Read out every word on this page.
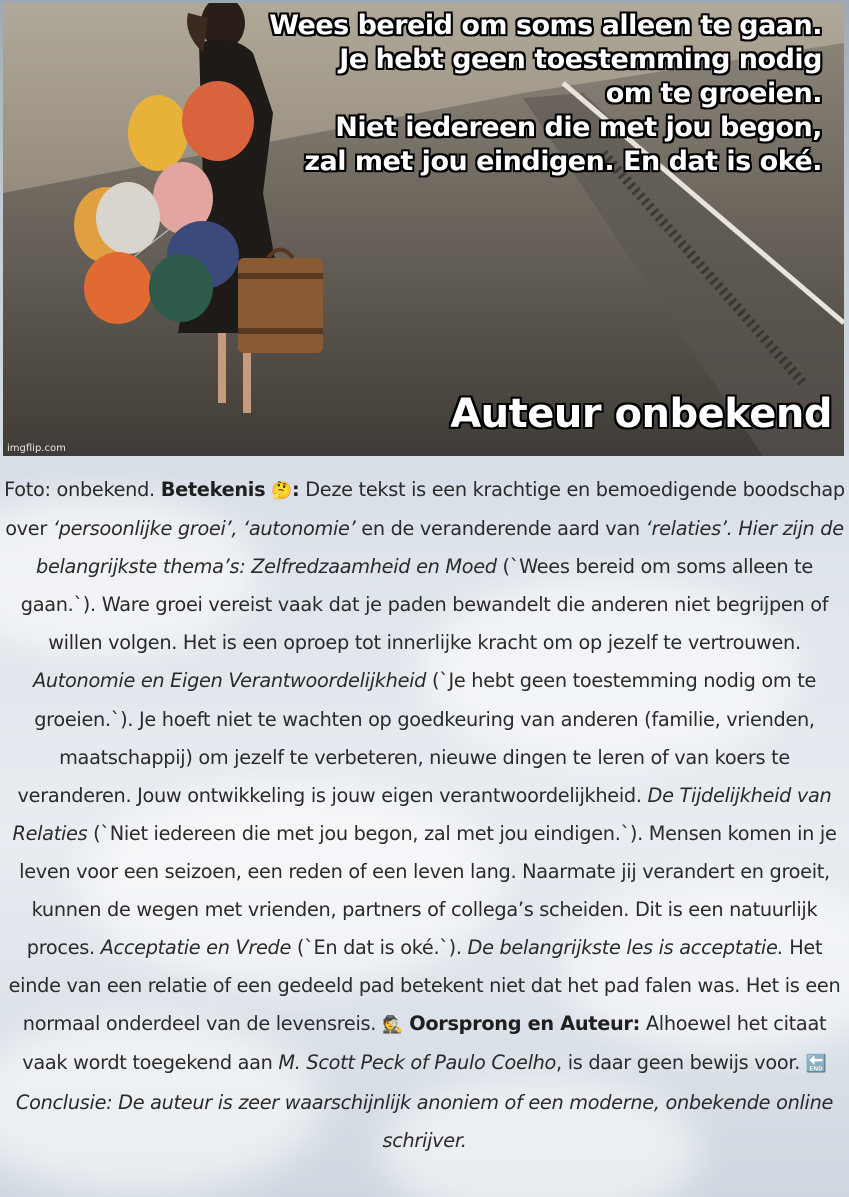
Wees bereid om soms alleen te gaan.
Je hebt geen toestemming nodig
om te groeien.
Niet iedereen die met jou begon,
zal met jou eindigen. En dat is oké.
Auteur onbekend
imgflip.com
Foto: onbekend. Betekenis 🤔: Deze tekst is een krachtige en bemoedigende boodschap over ‘persoonlijke groei’, ‘autonomie’ en de veranderende aard van ‘relaties’. Hier zijn de belangrijkste thema’s: Zelfredzaamheid en Moed (`Wees bereid om soms alleen te gaan.`). Ware groei vereist vaak dat je paden bewandelt die anderen niet begrijpen of willen volgen. Het is een oproep tot innerlijke kracht om op jezelf te vertrouwen. Autonomie en Eigen Verantwoordelijkheid (`Je hebt geen toestemming nodig om te groeien.`). Je hoeft niet te wachten op goedkeuring van anderen (familie, vrienden, maatschappij) om jezelf te verbeteren, nieuwe dingen te leren of van koers te veranderen. Jouw ontwikkeling is jouw eigen verantwoordelijkheid. De Tijdelijkheid van Relaties (`Niet iedereen die met jou begon, zal met jou eindigen.`). Mensen komen in je leven voor een seizoen, een reden of een leven lang. Naarmate jij verandert en groeit, kunnen de wegen met vrienden, partners of collega’s scheiden. Dit is een natuurlijk proces. Acceptatie en Vrede (`En dat is oké.`). De belangrijkste les is acceptatie. Het einde van een relatie of een gedeeld pad betekent niet dat het pad falen was. Het is een normaal onderdeel van de levensreis. 🕵️ Oorsprong en Auteur: Alhoewel het citaat vaak wordt toegekend aan M. Scott Peck of Paulo Coelho, is daar geen bewijs voor. 🔚 Conclusie: De auteur is zeer waarschijnlijk anoniem of een moderne, onbekende online schrijver.
